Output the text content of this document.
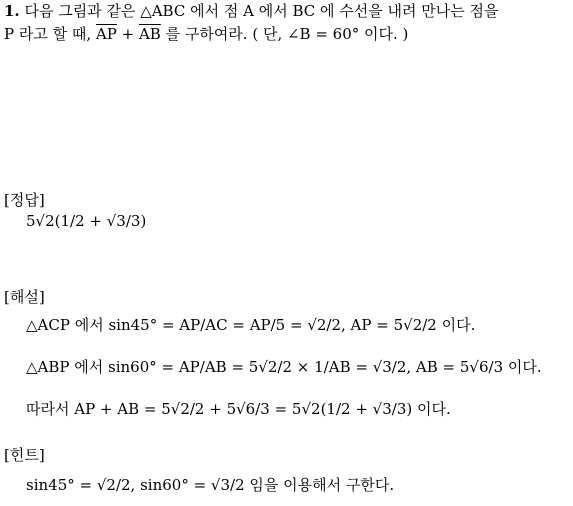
1. 다음 그림과 같은 △ABC 에서 점 A 에서 BC 에 수선을 내려 만나는 점을
P 라고 할 때, $\overline{AP} + \overline{AB}$ 를 구하여라. ( 단, ∠B = 60° 이다. )
[정답]
5√2(1/2 + √3/3)
[해설]
△ACP 에서 sin45° = AP/AC = AP/5 = √2/2, AP = 5√2/2 이다.
△ABP 에서 sin60° = AP/AB = 5√2/2 × 1/AB = √3/2, AB = 5√6/3 이다.
따라서 AP + AB = 5√2/2 + 5√6/3 = 5√2(1/2 + √3/3) 이다.
[힌트]
sin45° = √2/2, sin60° = √3/2 임을 이용해서 구한다.
